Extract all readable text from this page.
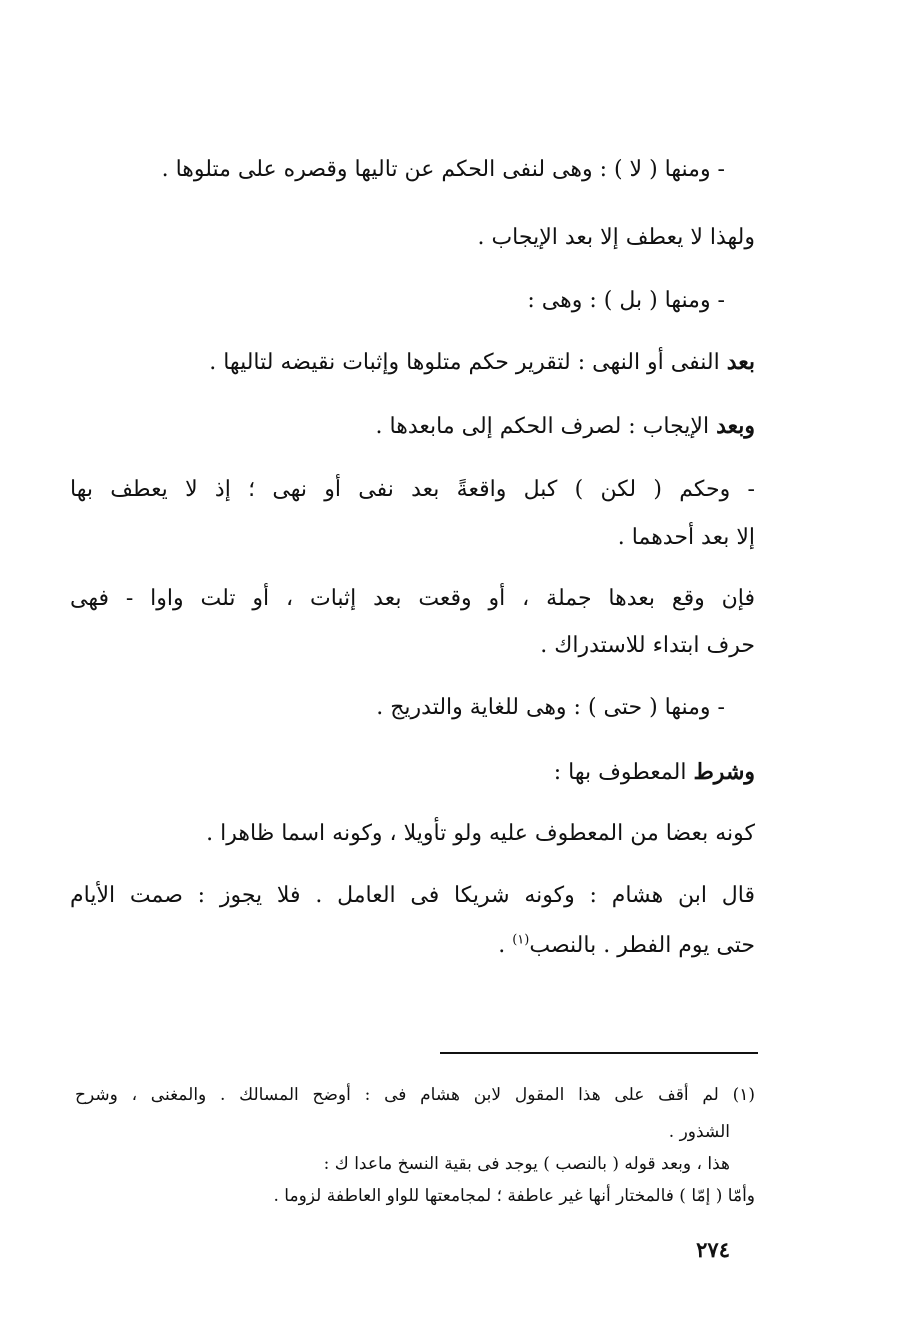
- ومنها ( لا ) : وهى لنفى الحكم عن تاليها وقصره على متلوها .
ولهذا لا يعطف إلا بعد الإيجاب .
- ومنها ( بل ) : وهى :
بعد النفى أو النهى : لتقرير حكم متلوها وإثبات نقيضه لتاليها .
وبعد الإيجاب : لصرف الحكم إلى مابعدها .
- وحكم ( لكن ) كبل واقعةً بعد نفى أو نهى ؛ إذ لا يعطف بها
إلا بعد أحدهما .
فإن وقع بعدها جملة ، أو وقعت بعد إثبات ، أو تلت واوا - فهى
حرف ابتداء للاستدراك .
- ومنها ( حتى ) : وهى للغاية والتدريج .
وشرط المعطوف بها :
كونه بعضا من المعطوف عليه ولو تأويلا ، وكونه اسما ظاهرا .
قال ابن هشام : وكونه شريكا فى العامل . فلا يجوز : صمت الأيام
حتى يوم الفطر . بالنصب$^{(١)}$ .
(١) لم أقف على هذا المقول لابن هشام فى : أوضح المسالك . والمغنى ، وشرح
الشذور .
هذا ، وبعد قوله ( بالنصب ) يوجد فى بقية النسخ ماعدا ك :
وأمّا ( إمّا ) فالمختار أنها غير عاطفة ؛ لمجامعتها للواو العاطفة لزوما .
٢٧٤
